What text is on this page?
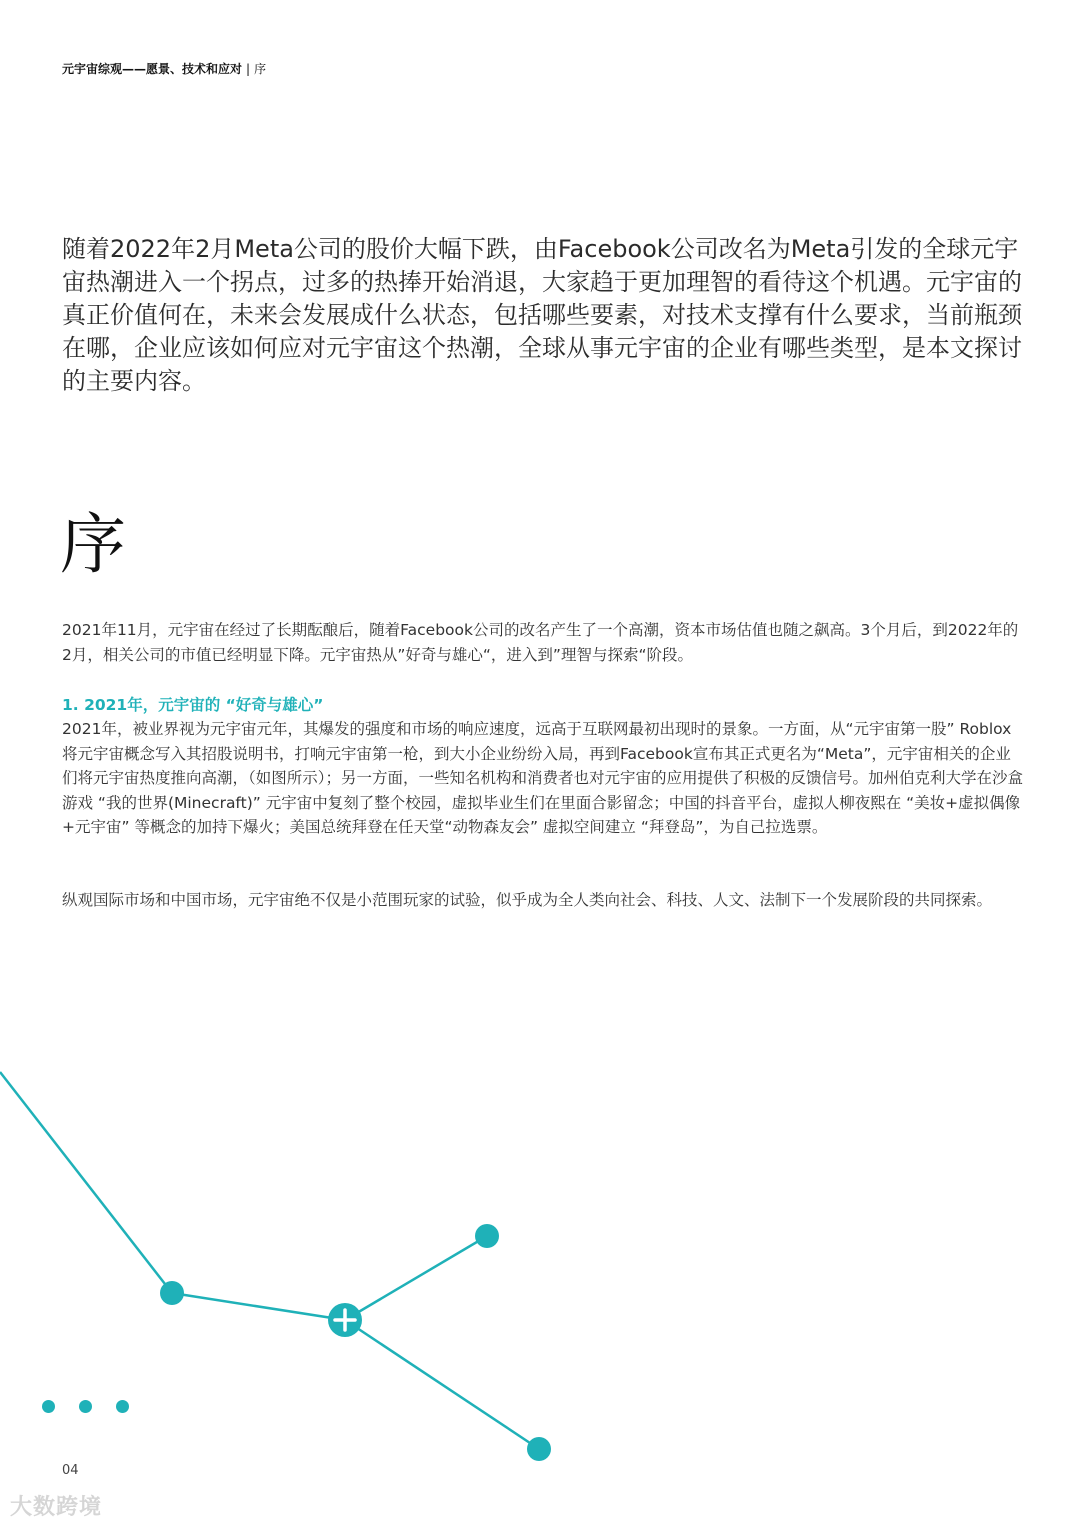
元宇宙综观——愿景、技术和应对 | 序

随着2022年2月Meta公司的股价大幅下跌，由Facebook公司改名为Meta引发的全球元宇宙热潮进入一个拐点，过多的热捧开始消退，大家趋于更加理智的看待这个机遇。元宇宙的真正价值何在，未来会发展成什么状态，包括哪些要素，对技术支撑有什么要求，当前瓶颈在哪，企业应该如何应对元宇宙这个热潮，全球从事元宇宙的企业有哪些类型，是本文探讨的主要内容。

序

2021年11月，元宇宙在经过了长期酝酿后，随着Facebook公司的改名产生了一个高潮，资本市场估值也随之飙高。3个月后，到2022年的2月，相关公司的市值已经明显下降。元宇宙热从”好奇与雄心“，进入到”理智与探索“阶段。

1. 2021年，元宇宙的 “好奇与雄心”

2021年，被业界视为元宇宙元年，其爆发的强度和市场的响应速度，远高于互联网最初出现时的景象。一方面，从“元宇宙第一股” Roblox将元宇宙概念写入其招股说明书，打响元宇宙第一枪，到大小企业纷纷入局，再到Facebook宣布其正式更名为“Meta”，元宇宙相关的企业们将元宇宙热度推向高潮，（如图所示）；另一方面，一些知名机构和消费者也对元宇宙的应用提供了积极的反馈信号。加州伯克利大学在沙盒游戏 “我的世界(Minecraft)” 元宇宙中复刻了整个校园，虚拟毕业生们在里面合影留念；中国的抖音平台，虚拟人柳夜熙在 “美妆+虚拟偶像+元宇宙” 等概念的加持下爆火；美国总统拜登在任天堂“动物森友会” 虚拟空间建立 “拜登岛”，为自己拉选票。

纵观国际市场和中国市场，元宇宙绝不仅是小范围玩家的试验，似乎成为全人类向社会、科技、人文、法制下一个发展阶段的共同探索。

04
大数跨境
